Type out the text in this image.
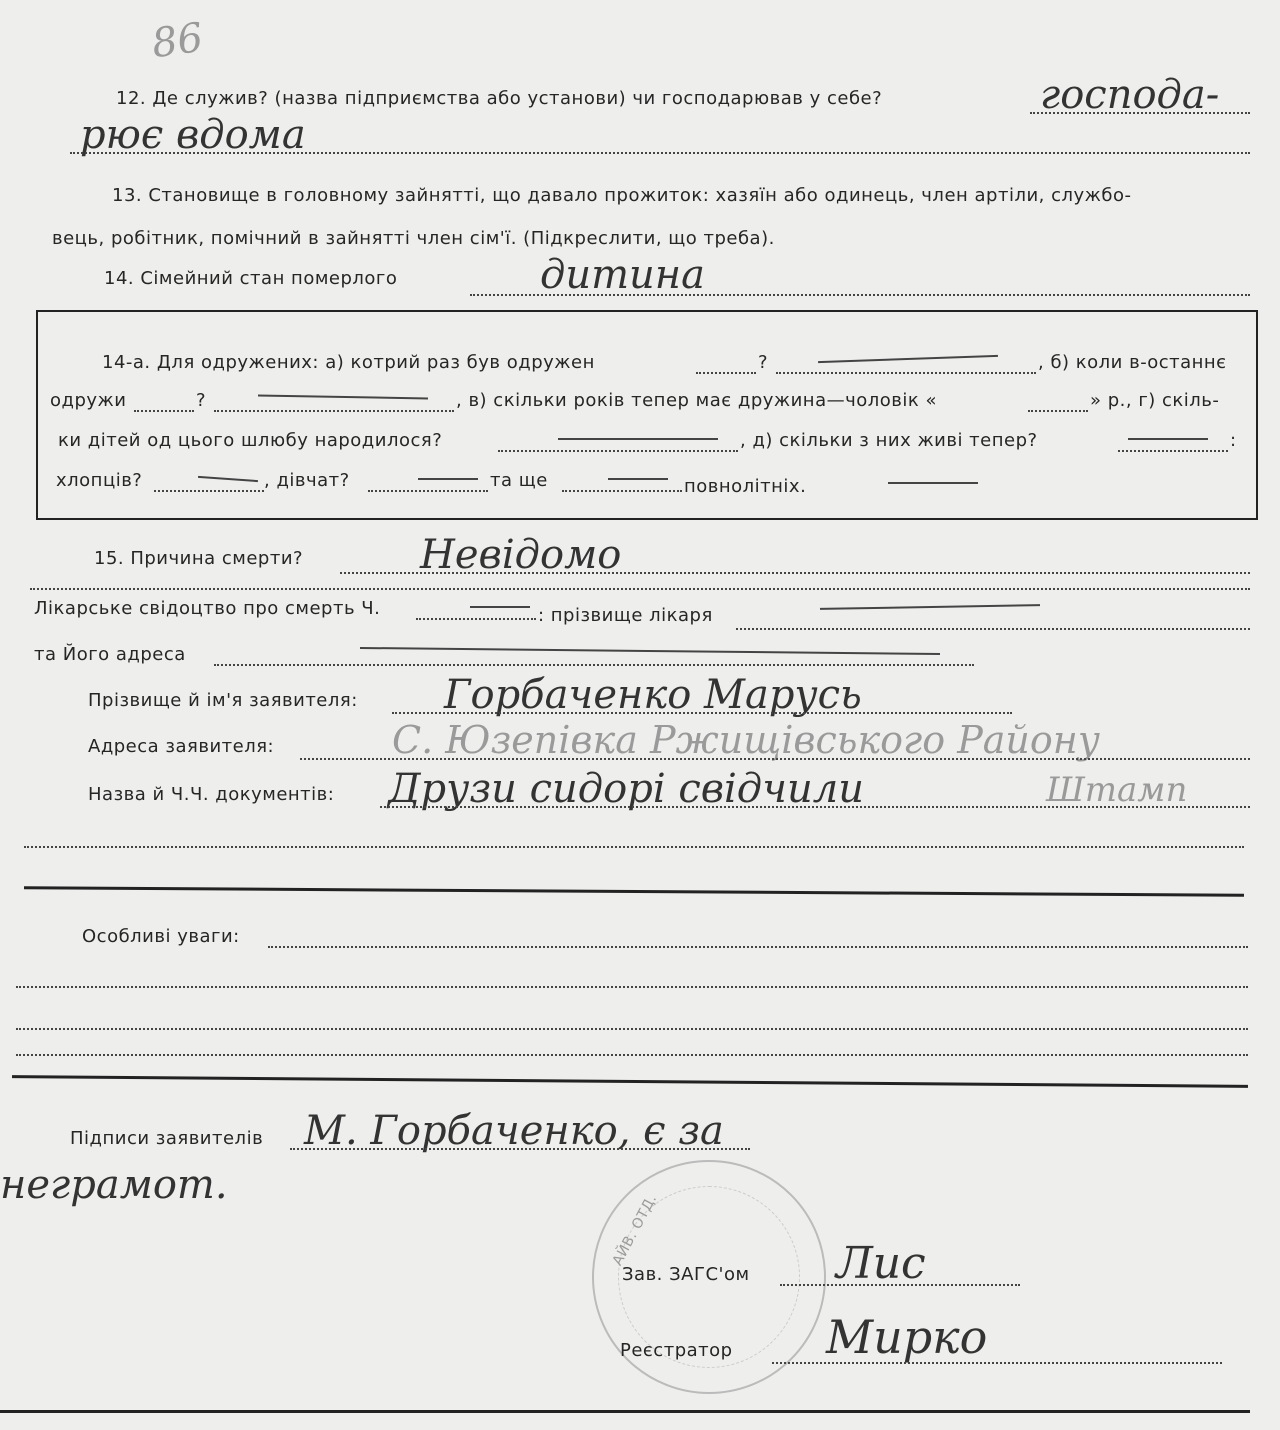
86
12. Де служив? (назва підприємства або установи) чи господарював у себе?	господа-
рює вдома
13. Становище в головному зайнятті, що давало прожиток: хазяїн або одинець, член артіли, службо-
вець, робітник, помічний в зайнятті член сім'ї. (Підкреслити, що треба).
14. Сімейний стан померлого	дитина
14-а. Для одружених: а) котрий раз був одружен	?	, б) коли в-останнє
одружи	?	, в) скільки років тепер має дружина—чоловік «	» р., г) скіль-
ки дітей од цього шлюбу народилося?	, д) скільки з них живі тепер?	:
хлопців?	, дівчат?	та ще	повнолітніх.
15. Причина смерти?	Невідомо
Лікарське свідоцтво про смерть Ч.	: прізвище лікаря
та Його адреса
Прізвище й ім'я заявителя: Горбаченко Марусь
Адреса заявителя:	С. Юзепівка Ржищівського Району
Назва й Ч.Ч. документів: Друзи сидорі свідчили	Штамп
Особливі уваги:
Підписи заявителів М. Горбаченко, є за
неграмот.
АЙВ. ОТД.
Зав. ЗАГС'ом Лис
Реєстратор Мирко
